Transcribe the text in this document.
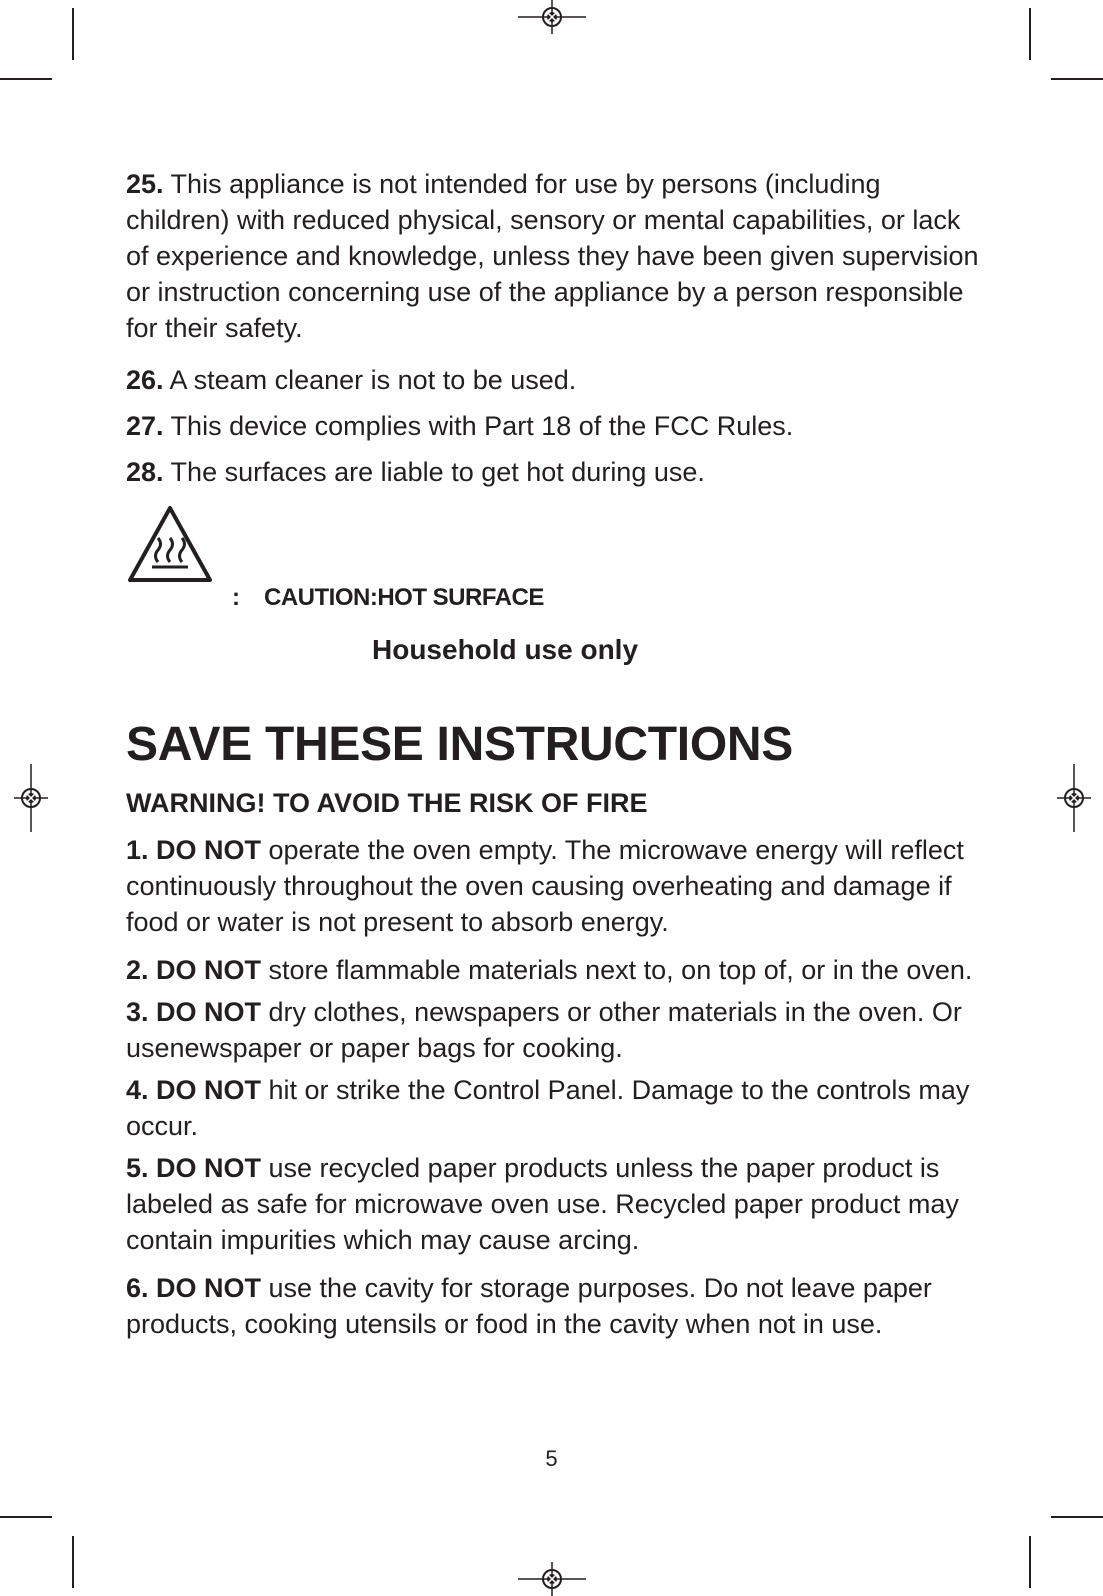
25. This appliance is not intended for use by persons (including children) with reduced physical, sensory or mental capabilities, or lack of experience and knowledge, unless they have been given supervision or instruction concerning use of the appliance by a person responsible for their safety.

26. A steam cleaner is not to be used.

27. This device complies with Part 18 of the FCC Rules.

28. The surfaces are liable to get hot during use.

: CAUTION:HOT SURFACE
Household use only
SAVE THESE INSTRUCTIONS
WARNING! TO AVOID THE RISK OF FIRE

1. DO NOT operate the oven empty. The microwave energy will reflect continuously throughout the oven causing overheating and damage if food or water is not present to absorb energy.

2. DO NOT store flammable materials next to, on top of, or in the oven.

3. DO NOT dry clothes, newspapers or other materials in the oven. Or usenewspaper or paper bags for cooking.

4. DO NOT hit or strike the Control Panel. Damage to the controls may occur.

5. DO NOT use recycled paper products unless the paper product is labeled as safe for microwave oven use. Recycled paper product may contain impurities which may cause arcing.

6. DO NOT use the cavity for storage purposes. Do not leave paper products, cooking utensils or food in the cavity when not in use.

5
